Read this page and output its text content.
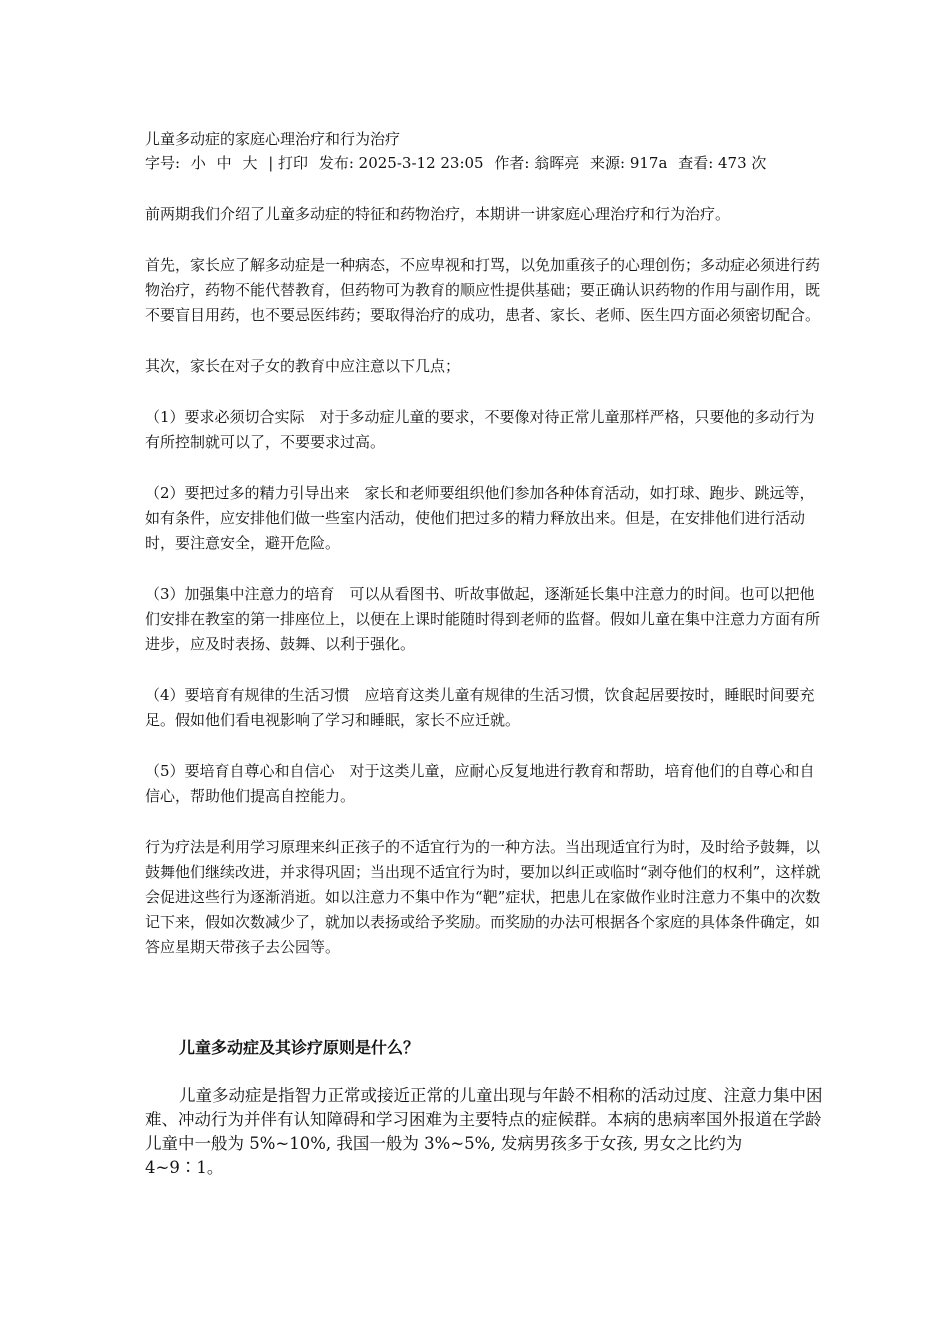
儿童多动症的家庭心理治疗和行为治疗
字号: 小 中 大 | 打印 发布: 2025-3-12 23:05 作者: 翁晖亮 来源: 917a 查看: 473 次

前两期我们介绍了儿童多动症的特征和药物治疗，本期讲一讲家庭心理治疗和行为治疗。

首先，家长应了解多动症是一种病态，不应卑视和打骂，以免加重孩子的心理创伤；多动症必须进行药物治疗，药物不能代替教育，但药物可为教育的顺应性提供基础；要正确认识药物的作用与副作用，既不要盲目用药，也不要忌医纬药；要取得治疗的成功，患者、家长、老师、医生四方面必须密切配合。

其次，家长在对子女的教育中应注意以下几点；

（1）要求必须切合实际　对于多动症儿童的要求，不要像对待正常儿童那样严格，只要他的多动行为有所控制就可以了，不要要求过高。

（2）要把过多的精力引导出来　家长和老师要组织他们参加各种体育活动，如打球、跑步、跳远等，如有条件，应安排他们做一些室内活动，使他们把过多的精力释放出来。但是，在安排他们进行活动时，要注意安全，避开危险。

（3）加强集中注意力的培育　可以从看图书、听故事做起，逐渐延长集中注意力的时间。也可以把他们安排在教室的第一排座位上，以便在上课时能随时得到老师的监督。假如儿童在集中注意力方面有所进步，应及时表扬、鼓舞、以利于强化。

（4）要培育有规律的生活习惯　应培育这类儿童有规律的生活习惯，饮食起居要按时，睡眠时间要充足。假如他们看电视影响了学习和睡眠，家长不应迁就。

（5）要培育自尊心和自信心　对于这类儿童，应耐心反复地进行教育和帮助，培育他们的自尊心和自信心，帮助他们提高自控能力。

行为疗法是利用学习原理来纠正孩子的不适宜行为的一种方法。当出现适宜行为时，及时给予鼓舞，以鼓舞他们继续改进，并求得巩固；当出现不适宜行为时，要加以纠正或临时“剥夺他们的权利”，这样就会促进这些行为逐渐消逝。如以注意力不集中作为“靶”症状，把患儿在家做作业时注意力不集中的次数记下来，假如次数减少了，就加以表扬或给予奖励。而奖励的办法可根据各个家庭的具体条件确定，如答应星期天带孩子去公园等。

儿童多动症及其诊疗原则是什么？

儿童多动症是指智力正常或接近正常的儿童出现与年龄不相称的活动过度、注意力集中困难、冲动行为并伴有认知障碍和学习困难为主要特点的症候群。本病的患病率国外报道在学龄儿童中一般为 5%~10%, 我国一般为 3%~5%, 发病男孩多于女孩, 男女之比约为 4~9∶1。
